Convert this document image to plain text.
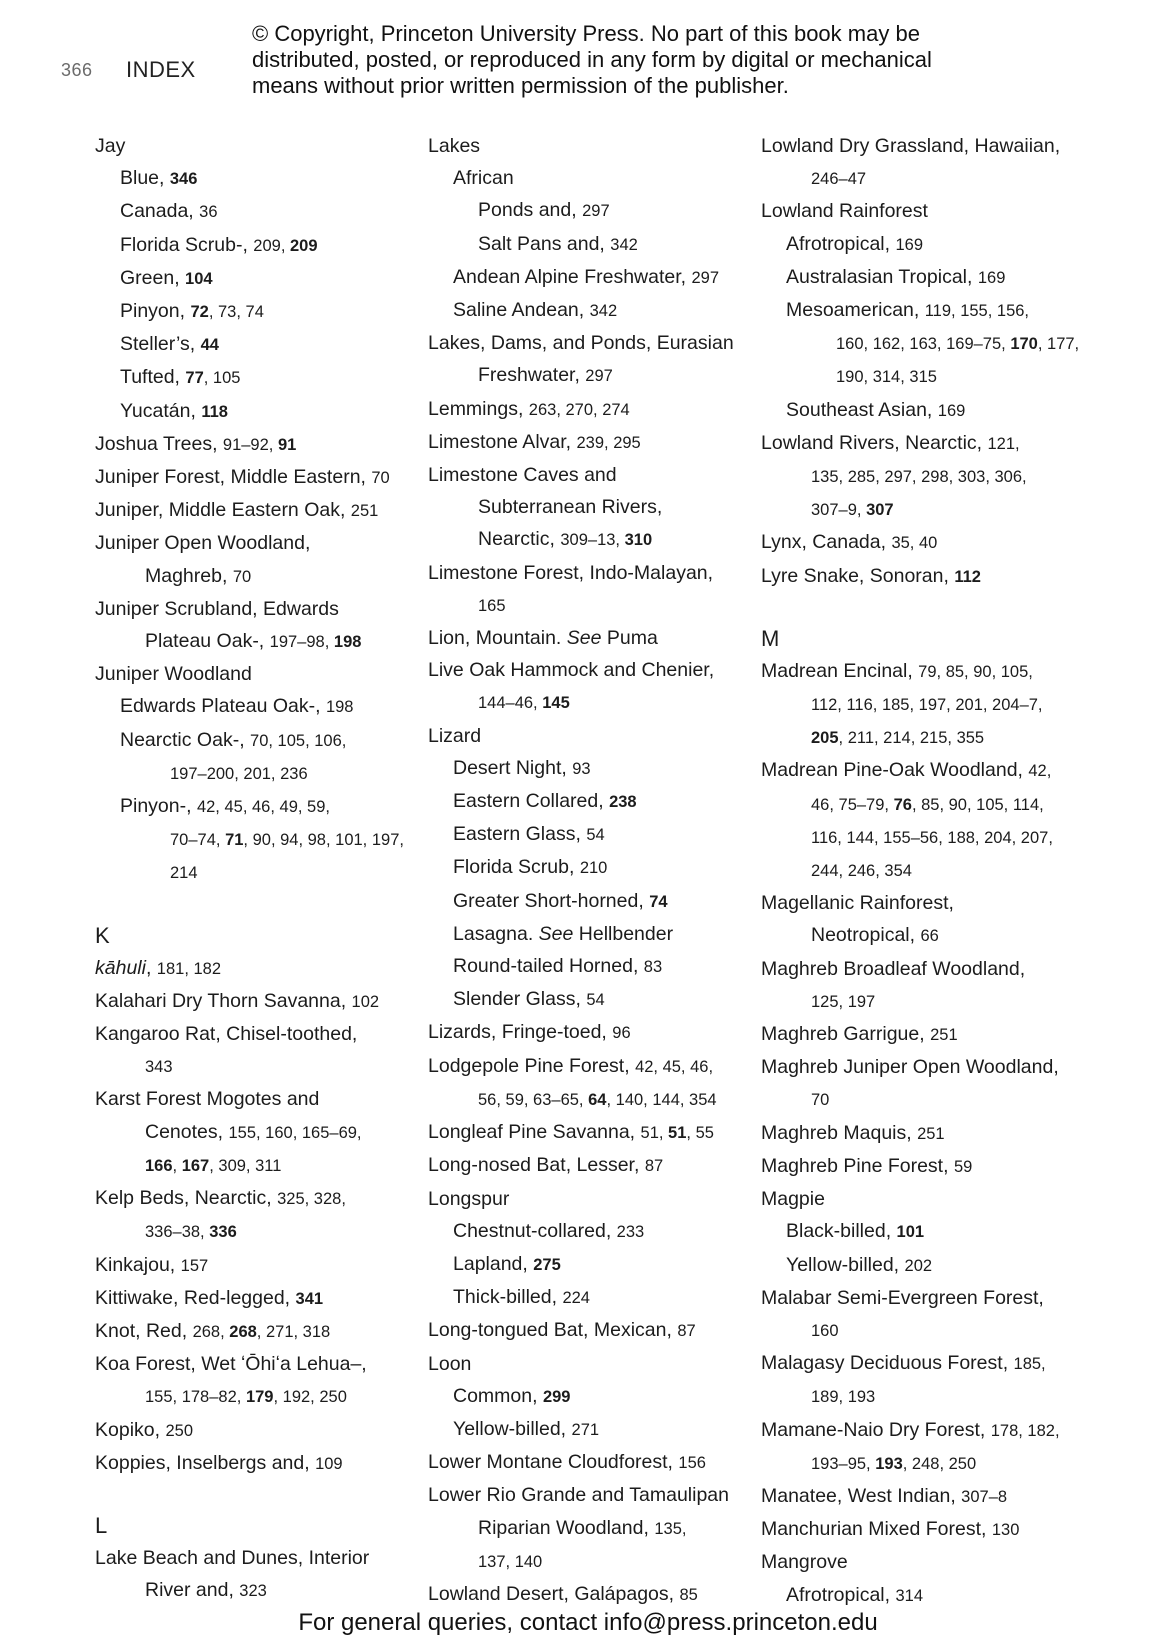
© Copyright, Princeton University Press. No part of this book may be
distributed, posted, or reproduced in any form by digital or mechanical
means without prior written permission of the publisher.
366 INDEX
Jay
Blue, 346
Canada, 36
Florida Scrub-, 209, 209
Green, 104
Pinyon, 72, 73, 74
Steller’s, 44
Tufted, 77, 105
Yucatán, 118
Joshua Trees, 91–92, 91
Juniper Forest, Middle Eastern, 70
Juniper, Middle Eastern Oak, 251
Juniper Open Woodland,
Maghreb, 70
Juniper Scrubland, Edwards
Plateau Oak-, 197–98, 198
Juniper Woodland
Edwards Plateau Oak-, 198
Nearctic Oak-, 70, 105, 106,
197–200, 201, 236
Pinyon-, 42, 45, 46, 49, 59,
70–74, 71, 90, 94, 98, 101, 197,
214
K
kāhuli, 181, 182
Kalahari Dry Thorn Savanna, 102
Kangaroo Rat, Chisel-toothed,
343
Karst Forest Mogotes and
Cenotes, 155, 160, 165–69,
166, 167, 309, 311
Kelp Beds, Nearctic, 325, 328,
336–38, 336
Kinkajou, 157
Kittiwake, Red-legged, 341
Knot, Red, 268, 268, 271, 318
Koa Forest, Wet ʻŌhiʻa Lehua–,
155, 178–82, 179, 192, 250
Kopiko, 250
Koppies, Inselbergs and, 109
L
Lake Beach and Dunes, Interior
River and, 323
Lakes
African
Ponds and, 297
Salt Pans and, 342
Andean Alpine Freshwater, 297
Saline Andean, 342
Lakes, Dams, and Ponds, Eurasian
Freshwater, 297
Lemmings, 263, 270, 274
Limestone Alvar, 239, 295
Limestone Caves and
Subterranean Rivers,
Nearctic, 309–13, 310
Limestone Forest, Indo-Malayan,
165
Lion, Mountain. See Puma
Live Oak Hammock and Chenier,
144–46, 145
Lizard
Desert Night, 93
Eastern Collared, 238
Eastern Glass, 54
Florida Scrub, 210
Greater Short-horned, 74
Lasagna. See Hellbender
Round-tailed Horned, 83
Slender Glass, 54
Lizards, Fringe-toed, 96
Lodgepole Pine Forest, 42, 45, 46,
56, 59, 63–65, 64, 140, 144, 354
Longleaf Pine Savanna, 51, 51, 55
Long-nosed Bat, Lesser, 87
Longspur
Chestnut-collared, 233
Lapland, 275
Thick-billed, 224
Long-tongued Bat, Mexican, 87
Loon
Common, 299
Yellow-billed, 271
Lower Montane Cloudforest, 156
Lower Rio Grande and Tamaulipan
Riparian Woodland, 135,
137, 140
Lowland Desert, Galápagos, 85
Lowland Dry Grassland, Hawaiian,
246–47
Lowland Rainforest
Afrotropical, 169
Australasian Tropical, 169
Mesoamerican, 119, 155, 156,
160, 162, 163, 169–75, 170, 177,
190, 314, 315
Southeast Asian, 169
Lowland Rivers, Nearctic, 121,
135, 285, 297, 298, 303, 306,
307–9, 307
Lynx, Canada, 35, 40
Lyre Snake, Sonoran, 112
M
Madrean Encinal, 79, 85, 90, 105,
112, 116, 185, 197, 201, 204–7,
205, 211, 214, 215, 355
Madrean Pine-Oak Woodland, 42,
46, 75–79, 76, 85, 90, 105, 114,
116, 144, 155–56, 188, 204, 207,
244, 246, 354
Magellanic Rainforest,
Neotropical, 66
Maghreb Broadleaf Woodland,
125, 197
Maghreb Garrigue, 251
Maghreb Juniper Open Woodland,
70
Maghreb Maquis, 251
Maghreb Pine Forest, 59
Magpie
Black-billed, 101
Yellow-billed, 202
Malabar Semi-Evergreen Forest,
160
Malagasy Deciduous Forest, 185,
189, 193
Mamane-Naio Dry Forest, 178, 182,
193–95, 193, 248, 250
Manatee, West Indian, 307–8
Manchurian Mixed Forest, 130
Mangrove
Afrotropical, 314
For general queries, contact info@press.princeton.edu
